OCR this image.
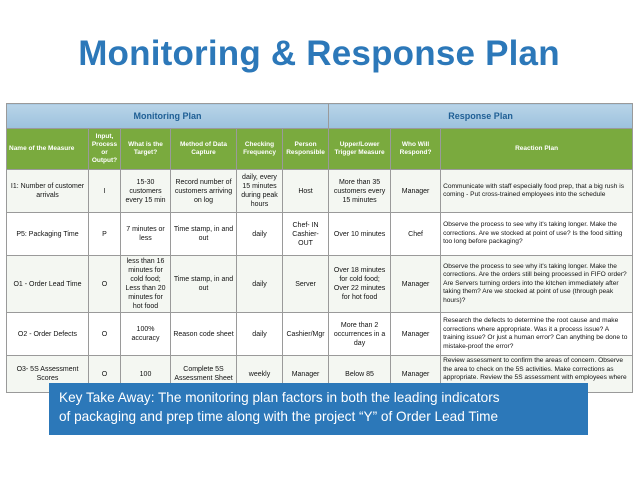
Monitoring & Response Plan
Monitoring Plan						Response Plan		
Name of the Measure	Input, Process or Output?	What is the Target?	Method of Data Capture	Checking Frequency	Person Responsible	Upper/Lower Trigger Measure	Who Will Respond?	Reaction Plan
I1: Number of customer arrivals	I	15-30 customers every 15 min	Record number of customers arriving on log	daily, every 15 minutes during peak hours	Host	More than 35 customers every 15 minutes	Manager	Communicate with staff especially food prep, that a big rush is coming - Put cross-trained employees into the schedule
P5: Packaging Time	P	7 minutes or less	Time stamp, in and out	daily	Chef- IN Cashier-OUT	Over 10 minutes	Chef	Observe the process to see why it's taking longer. Make the corrections. Are we stocked at point of use? Is the food sitting too long before packaging?
O1 - Order Lead Time	O	less than 16 minutes for cold food; Less than 20 minutes for hot food	Time stamp, in and out	daily	Server	Over 18 minutes for cold food; Over 22 minutes for hot food	Manager	Observe the process to see why it's taking longer. Make the corrections. Are the orders still being processed in FIFO order? Are Servers turning orders into the kitchen immediately after taking them? Are we stocked at point of use (through peak hours)?
O2 - Order Defects	O	100% accuracy	Reason code sheet	daily	Cashier/Mgr	More than 2 occurrences in a day	Manager	Research the defects to determine the root cause and make corrections where appropriate. Was it a process issue? A training issue? Or just a human error? Can anything be done to mistake-proof the error?
O3- 5S Assessment Scores	O	100	Complete 5S Assessment Sheet	weekly	Manager	Below 85	Manager	Review assessment to confirm the areas of concern. Observe the area to check on the 5S activities. Make corrections as appropriate. Review the 5S assessment with employees where
Key Take Away: The monitoring plan factors in both the leading indicators
of packaging and prep time along with the project “Y” of Order Lead Time
